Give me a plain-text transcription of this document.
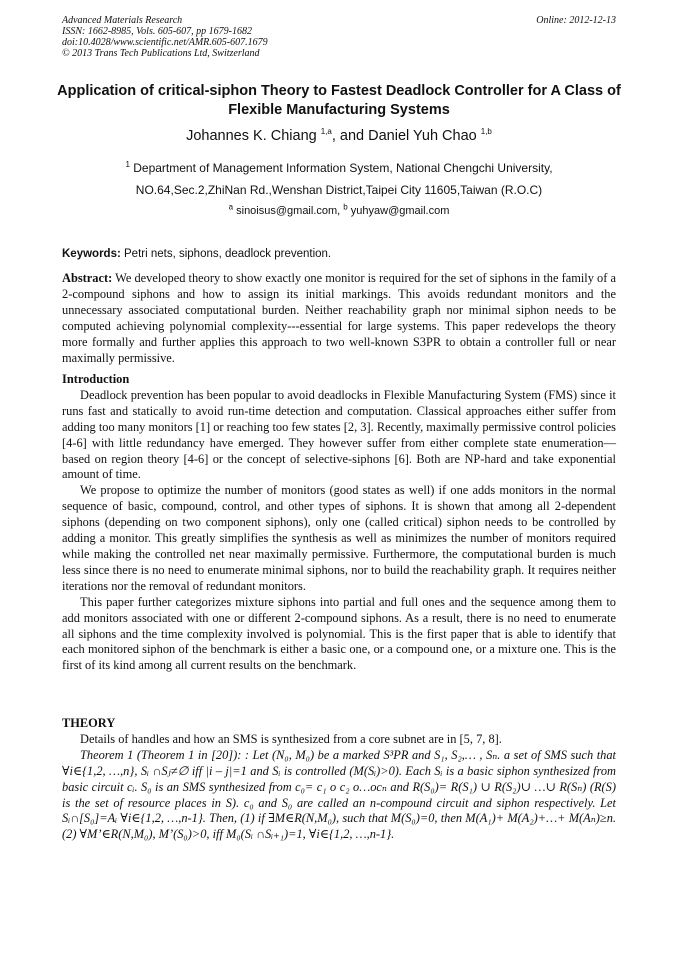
Advanced Materials Research
ISSN: 1662-8985, Vols. 605-607, pp 1679-1682
doi:10.4028/www.scientific.net/AMR.605-607.1679
© 2013 Trans Tech Publications Ltd, Switzerland
Online: 2012-12-13
Application of critical-siphon Theory to Fastest Deadlock Controller for A Class of Flexible Manufacturing Systems
Johannes K. Chiang $^{1,a}$, and Daniel Yuh Chao $^{1,b}$
$^1$ Department of Management Information System, National Chengchi University,
NO.64,Sec.2,ZhiNan Rd.,Wenshan District,Taipei City 11605,Taiwan (R.O.C)
$^a$ sinoisus@gmail.com, $^b$ yuhyaw@gmail.com
Keywords: Petri nets, siphons, deadlock prevention.
Abstract: We developed theory to show exactly one monitor is required for the set of siphons in the family of a 2-compound siphons and how to assign its initial markings. This avoids redundant monitors and the unnecessary associated computational burden. Neither reachability graph nor minimal siphon needs to be computed achieving polynomial complexity---essential for large systems. This paper redevelops the theory more formally and further applies this approach to two well-known S3PR to obtain a controller full or near maximally permissive.
Introduction

Deadlock prevention has been popular to avoid deadlocks in Flexible Manufacturing System (FMS) since it runs fast and statically to avoid run-time detection and computation. Classical approaches either suffer from adding too many monitors [1] or reaching too few states [2, 3]. Recently, maximally permissive control policies [4-6] with little redundancy have emerged. They however suffer from either complete state enumeration—based on region theory [4-6] or the concept of selective-siphons [6]. Both are NP-hard and take exponential amount of time.

We propose to optimize the number of monitors (good states as well) if one adds monitors in the normal sequence of basic, compound, control, and other types of siphons. It is shown that among all 2-dependent siphons (depending on two component siphons), only one (called critical) siphon needs to be controlled by adding a monitor. This greatly simplifies the synthesis as well as minimizes the number of monitors required while making the controlled net near maximally permissive. Furthermore, the computational burden is much less since there is no need to enumerate minimal siphons, nor to build the reachability graph. It requires neither iterations nor the removal of redundant monitors.

This paper further categorizes mixture siphons into partial and full ones and the sequence among them to add monitors associated with one or different 2-compound siphons. As a result, there is no need to enumerate all siphons and the time complexity involved is polynomial. This is the first paper that is able to identify that each monitored siphon of the benchmark is either a basic one, or a compound one, or a mixture one. This is the first of its kind among all current results on the benchmark.

THEORY

Details of handles and how an SMS is synthesized from a core subnet are in [5, 7, 8].

Theorem 1 (Theorem 1 in [20]): : Let (N₀, M₀) be a marked S³PR and S₁, S₂,… , Sₙ. a set of SMS such that ∀i∈{1,2, …,n}, Sᵢ ∩Sⱼ≠∅ iff |i – j|=1 and Sᵢ is controlled (M(Sᵢ)>0). Each Sᵢ is a basic siphon synthesized from basic circuit cᵢ. S₀ is an SMS synthesized from c₀= c₁ o c₂ o…ocₙ and R(S₀)= R(S₁) ∪ R(S₂)∪ …∪ R(Sₙ) (R(S) is the set of resource places in S). c₀ and S₀ are called an n-compound circuit and siphon respectively. Let Sᵢ∩[S₀]=Aᵢ ∀i∈{1,2, …,n-1}. Then, (1) if ∃M∈R(N,M₀), such that M(S₀)=0, then M(A₁)+ M(A₂)+…+ M(Aₙ)≥n. (2) ∀M’∈R(N,M₀), M’(S₀)>0, iff M₀(Sᵢ ∩Sᵢ₊₁)=1, ∀i∈{1,2, …,n-1}.
